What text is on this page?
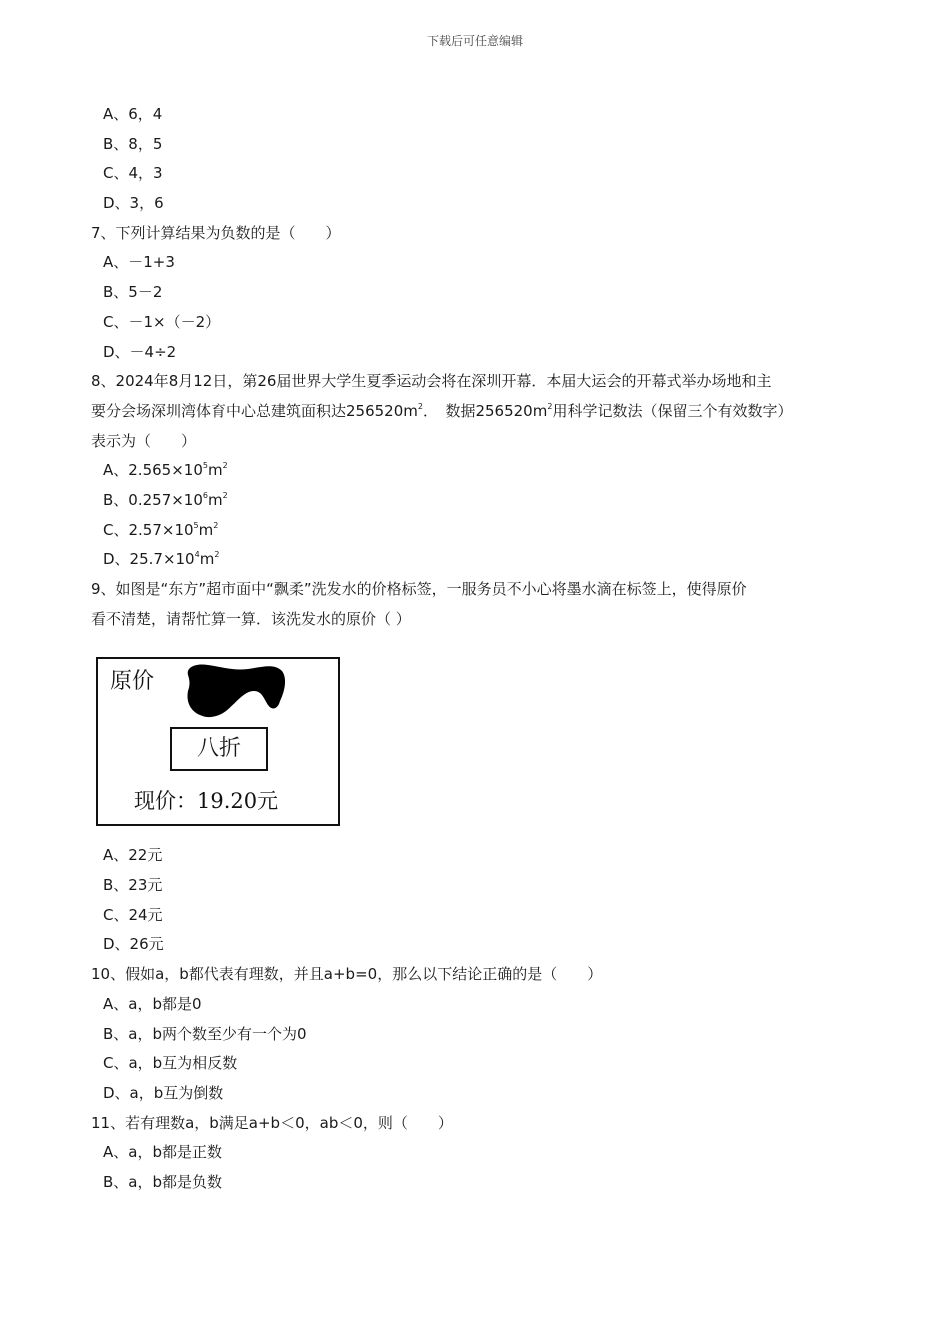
下载后可任意编辑
A、6，4
B、8，5
C、4，3
D、3，6
7、下列计算结果为负数的是（　　）
A、－1+3
B、5－2
C、－1×（－2）
D、－4÷2
8、2024年8月12日，第26届世界大学生夏季运动会将在深圳开幕．本届大运会的开幕式举办场地和主
要分会场深圳湾体育中心总建筑面积达$256520m^2$．　数据$256520m^2$用科学记数法（保留三个有效数字）
表示为（　　）
A、$2.565\times 10^5m^2$
B、$0.257\times 10^6m^2$
C、$2.57\times 10^5m^2$
D、$25.7\times 10^4m^2$
9、如图是“东方”超市面中“飘柔”洗发水的价格标签，一服务员不小心将墨水滴在标签上，使得原价
看不清楚，请帮忙算一算．该洗发水的原价（ ）
原价
八折
现价：19.20元
A、22元
B、23元
C、24元
D、26元
10、假如a，b都代表有理数，并且a+b=0，那么以下结论正确的是（　　）
A、a，b都是0
B、a，b两个数至少有一个为0
C、a，b互为相反数
D、a，b互为倒数
11、若有理数a，b满足a+b＜0，ab＜0，则（　　）
A、a，b都是正数
B、a，b都是负数
